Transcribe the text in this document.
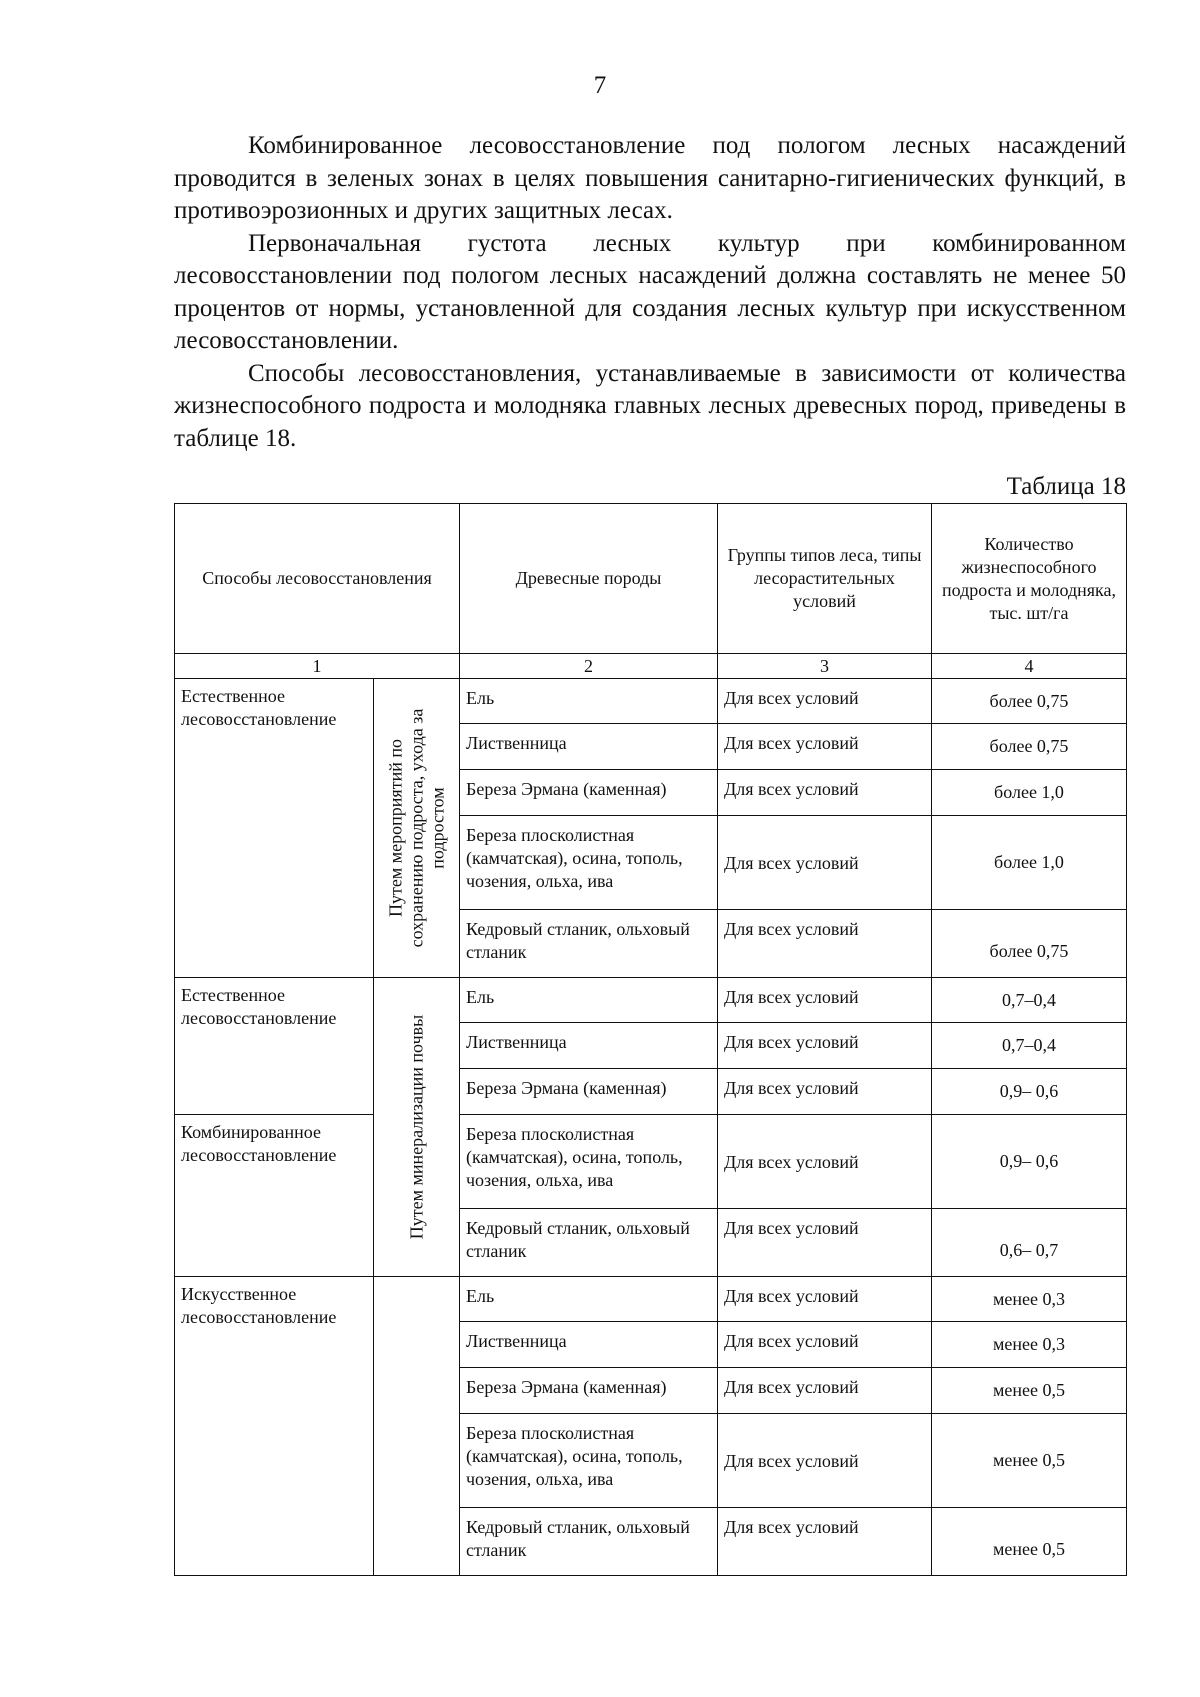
7

Комбинированное лесовосстановление под пологом лесных насаждений проводится в зеленых зонах в целях повышения санитарно-гигиенических функций, в противоэрозионных и других защитных лесах.

Первоначальная густота лесных культур при комбинированном лесовосстановлении под пологом лесных насаждений должна составлять не менее 50 процентов от нормы, установленной для создания лесных культур при искусственном лесовосстановлении.

Способы лесовосстановления, устанавливаемые в зависимости от количества жизнеспособного подроста и молодняка главных лесных древесных пород, приведены в таблице 18.

Таблица 18
Способы лесовосстановления		Древесные породы	Группы типов леса, типы лесорастительных условий	Количество жизнеспособного подроста и молодняка, тыс. шт/га
1		2	3	4
Естественное лесовосстановление	Путем мероприятий по сохранению подроста, ухода за подростом	Ель	Для всех условий	более 0,75
		Лиственница	Для всех условий	более 0,75
		Береза Эрмана (каменная)	Для всех условий	более 1,0
		Береза плосколистная (камчатская), осина, тополь, чозения, ольха, ива	Для всех условий	более 1,0
		Кедровый стланик, ольховый стланик	Для всех условий	более 0,75
Естественное лесовосстановление	Путем минерализации почвы	Ель	Для всех условий	0,7–0,4
		Лиственница	Для всех условий	0,7–0,4
		Береза Эрмана (каменная)	Для всех условий	0,9– 0,6
Комбинированное лесовосстановление		Береза плосколистная (камчатская), осина, тополь, чозения, ольха, ива	Для всех условий	0,9– 0,6
		Кедровый стланик, ольховый стланик	Для всех условий	0,6– 0,7
Искусственное лесовосстановление		Ель	Для всех условий	менее 0,3
		Лиственница	Для всех условий	менее 0,3
		Береза Эрмана (каменная)	Для всех условий	менее 0,5
		Береза плосколистная (камчатская), осина, тополь, чозения, ольха, ива	Для всех условий	менее 0,5
		Кедровый стланик, ольховый стланик	Для всех условий	менее 0,5
